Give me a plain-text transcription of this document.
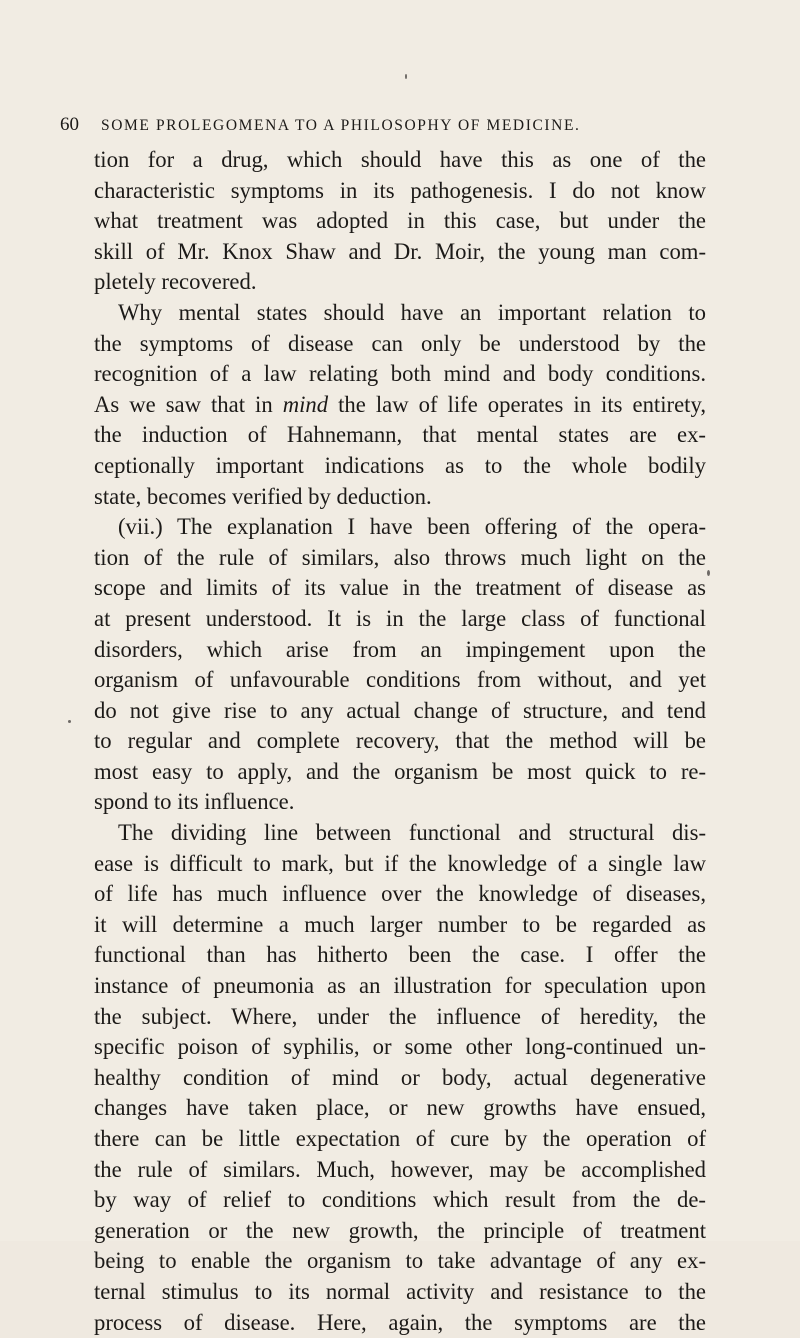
60 SOME PROLEGOMENA TO A PHILOSOPHY OF MEDICINE.
tion for a drug, which should have this as one of the
characteristic symptoms in its pathogenesis. I do not know
what treatment was adopted in this case, but under the
skill of Mr. Knox Shaw and Dr. Moir, the young man com-
pletely recovered.
Why mental states should have an important relation to
the symptoms of disease can only be understood by the
recognition of a law relating both mind and body conditions.
As we saw that in mind the law of life operates in its entirety,
the induction of Hahnemann, that mental states are ex-
ceptionally important indications as to the whole bodily
state, becomes verified by deduction.
(vii.) The explanation I have been offering of the opera-
tion of the rule of similars, also throws much light on the
scope and limits of its value in the treatment of disease as
at present understood. It is in the large class of functional
disorders, which arise from an impingement upon the
organism of unfavourable conditions from without, and yet
do not give rise to any actual change of structure, and tend
to regular and complete recovery, that the method will be
most easy to apply, and the organism be most quick to re-
spond to its influence.
The dividing line between functional and structural dis-
ease is difficult to mark, but if the knowledge of a single law
of life has much influence over the knowledge of diseases,
it will determine a much larger number to be regarded as
functional than has hitherto been the case. I offer the
instance of pneumonia as an illustration for speculation upon
the subject. Where, under the influence of heredity, the
specific poison of syphilis, or some other long-continued un-
healthy condition of mind or body, actual degenerative
changes have taken place, or new growths have ensued,
there can be little expectation of cure by the operation of
the rule of similars. Much, however, may be accomplished
by way of relief to conditions which result from the de-
generation or the new growth, the principle of treatment
being to enable the organism to take advantage of any ex-
ternal stimulus to its normal activity and resistance to the
process of disease. Here, again, the symptoms are the
